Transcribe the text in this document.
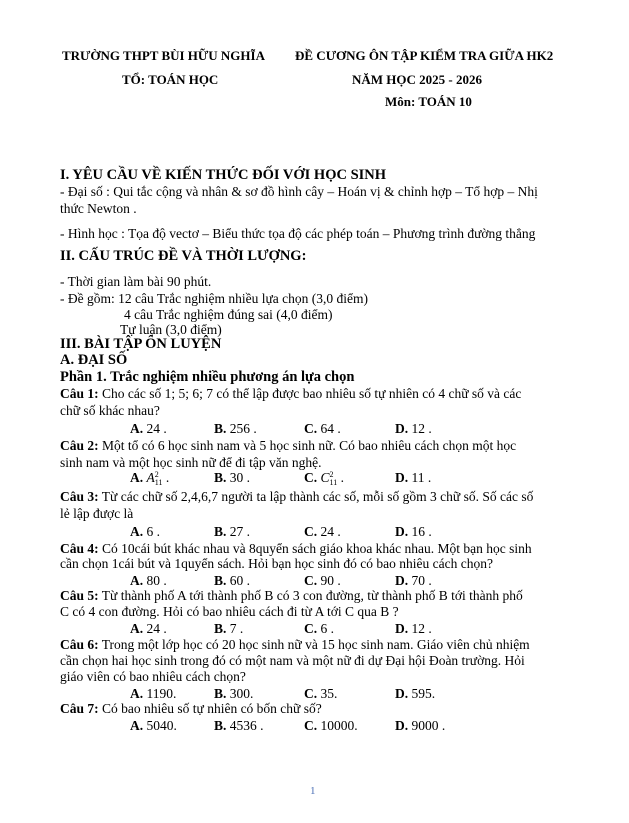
TRƯỜNG THPT BÙI HỮU NGHĨA ĐỀ CƯƠNG ÔN TẬP KIỂM TRA GIỮA HK2
TỔ: TOÁN HỌC	NĂM HỌC 2025 - 2026
Môn: TOÁN 10
I. YÊU CẦU VỀ KIẾN THỨC ĐỐI VỚI HỌC SINH
- Đại số : Qui tắc cộng và nhân & sơ đồ hình cây – Hoán vị & chỉnh hợp – Tổ hợp – Nhị
thức Newton .
- Hình học : Tọa độ vectơ – Biểu thức tọa độ các phép toán – Phương trình đường thẳng
II. CẤU TRÚC ĐỀ VÀ THỜI LƯỢNG:
- Thời gian làm bài 90 phút.
- Đề gồm: 12 câu Trắc nghiệm nhiều lựa chọn (3,0 điểm)
4 câu Trắc nghiệm đúng sai (4,0 điểm)
Tự luận (3,0 điểm)
III. BÀI TẬP ÔN LUYỆN
A. ĐẠI SỐ
Phần 1. Trắc nghiệm nhiều phương án lựa chọn
Câu 1: Cho các số 1; 5; 6; 7 có thể lập được bao nhiêu số tự nhiên có 4 chữ số và các
chữ số khác nhau?
A. 24 .	B. 256 .	C. 64 .	D. 12 .
Câu 2: Một tổ có 6 học sinh nam và 5 học sinh nữ. Có bao nhiêu cách chọn một học
sinh nam và một học sinh nữ để đi tập văn nghệ.
A. A 2
11 .	B. 30 .	C. C 2
11 .	D. 11 .
Câu 3: Từ các chữ số 2,4,6,7 người ta lập thành các số, mỗi số gồm 3 chữ số. Số các số
lẻ lập được là
A. 6 .	B. 27 .	C. 24 .	D. 16 .
Câu 4: Có 10cái bút khác nhau và 8quyển sách giáo khoa khác nhau. Một bạn học sinh
cần chọn 1cái bút và 1quyển sách. Hỏi bạn học sinh đó có bao nhiêu cách chọn?
A. 80 .	B. 60 .	C. 90 .	D. 70 .
Câu 5: Từ thành phố A tới thành phố B có 3 con đường, từ thành phố B tới thành phố
C có 4 con đường. Hỏi có bao nhiêu cách đi từ A tới C qua B ?
A. 24 .	B. 7 .	C. 6 .	D. 12 .
Câu 6: Trong một lớp học có 20 học sinh nữ và 15 học sinh nam. Giáo viên chủ nhiệm
cần chọn hai học sinh trong đó có một nam và một nữ đi dự Đại hội Đoàn trường. Hỏi
giáo viên có bao nhiêu cách chọn?
A. 1190.	B. 300.	C. 35.	D. 595.
Câu 7: Có bao nhiêu số tự nhiên có bốn chữ số?
A. 5040.	B. 4536 .	C. 10000.	D. 9000 .
1
